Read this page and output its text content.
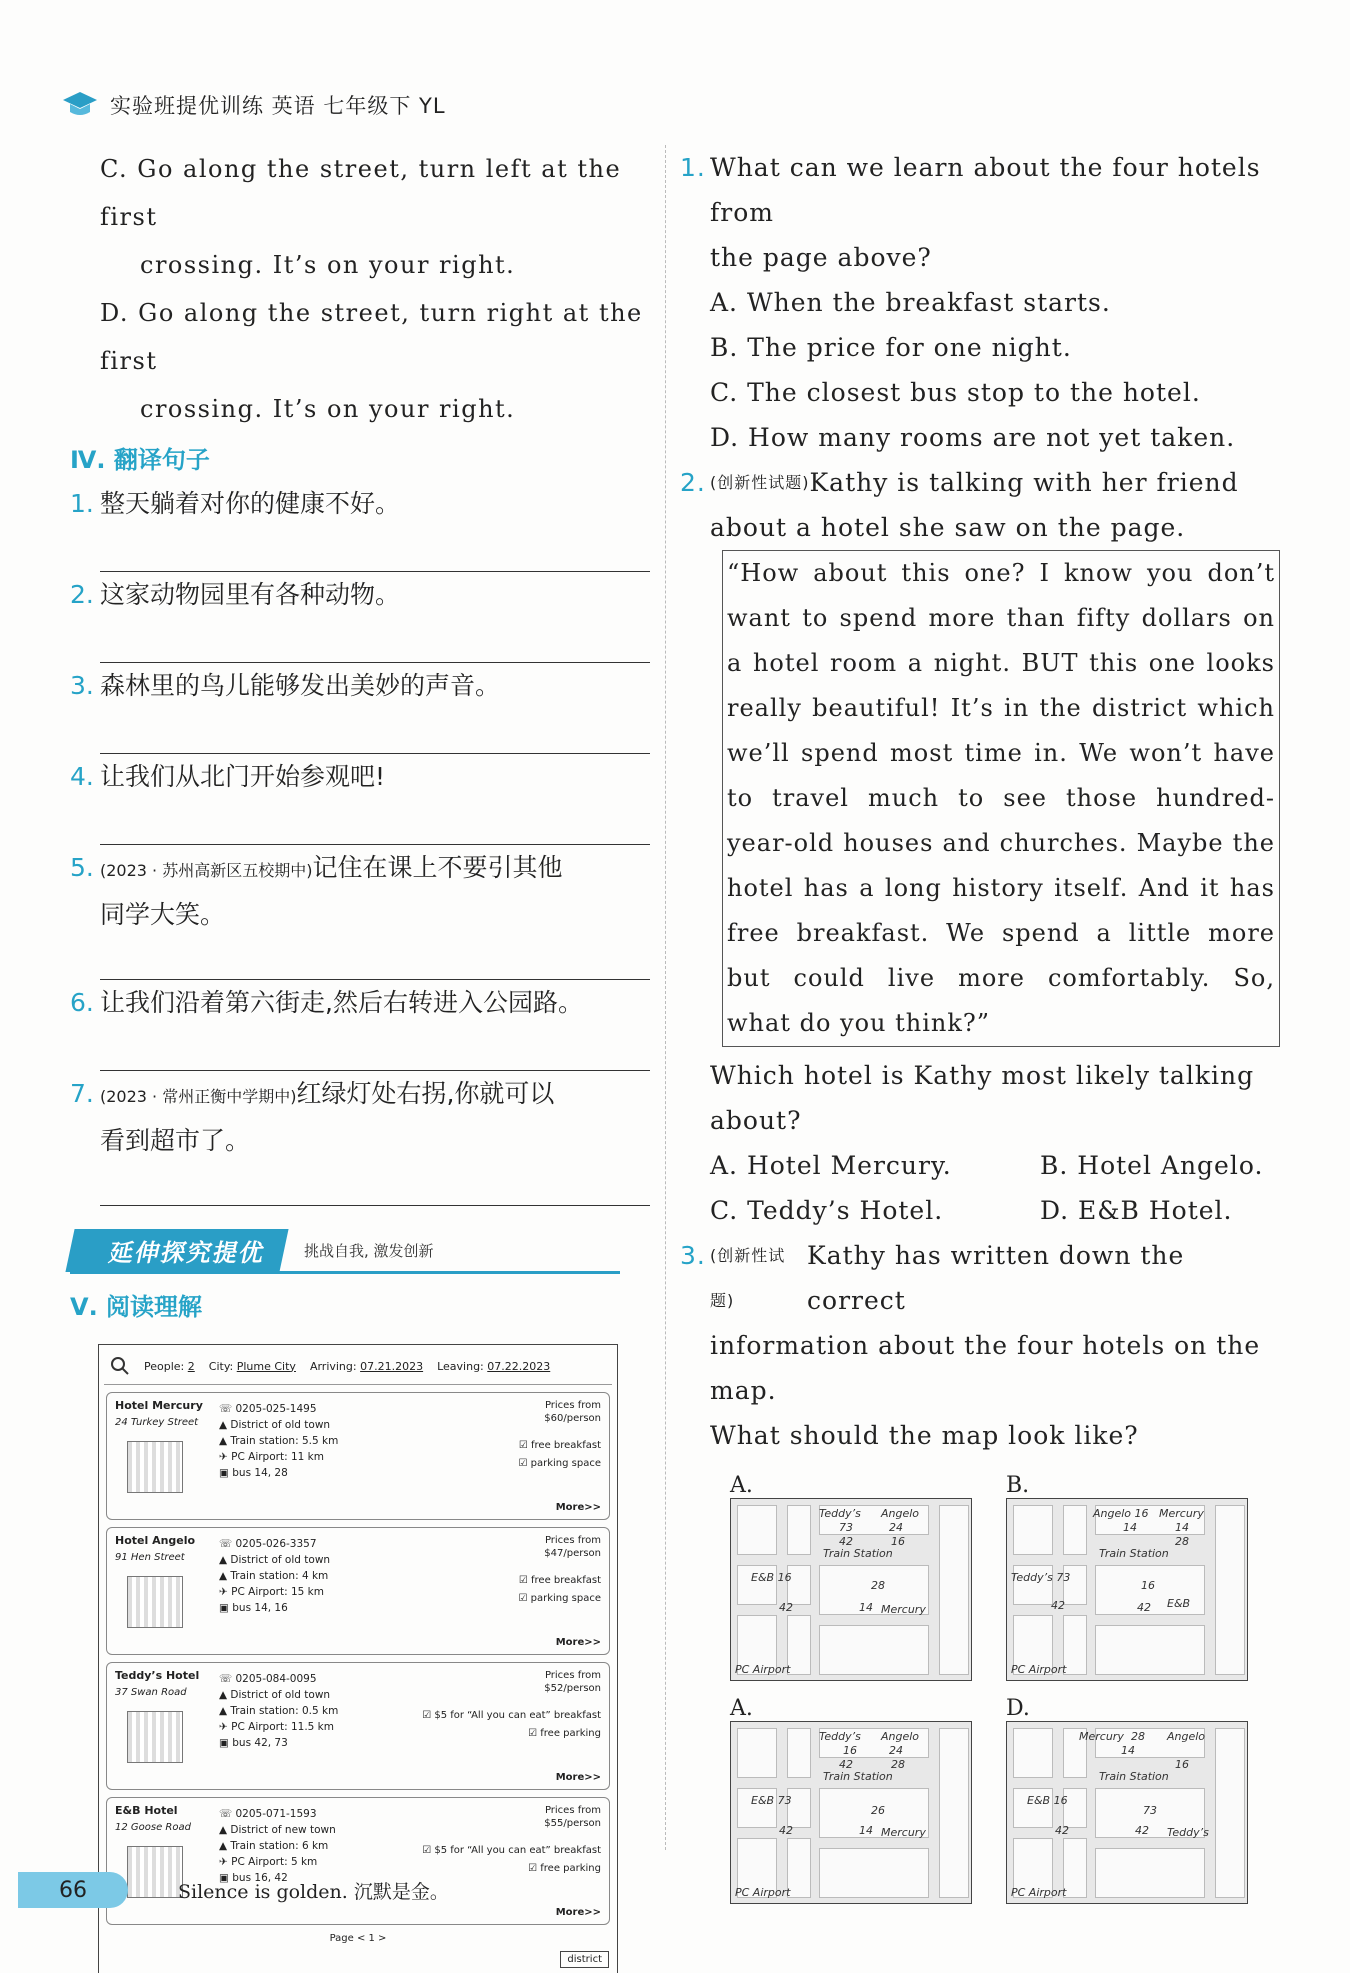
实验班提优训练 英语 七年级下 YL
C. Go along the street, turn left at the first
crossing. It’s on your right.
D. Go along the street, turn right at the first
crossing. It’s on your right.
Ⅳ. 翻译句子
1. 整天躺着对你的健康不好。
2. 这家动物园里有各种动物。
3. 森林里的鸟儿能够发出美妙的声音。
4. 让我们从北门开始参观吧!
5. (2023 · 苏州高新区五校期中)记住在课上不要引其他
同学大笑。
6. 让我们沿着第六街走,然后右转进入公园路。
7. (2023 · 常州正衡中学期中)红绿灯处右拐,你就可以
看到超市了。
延伸探究提优	挑战自我, 激发创新
Ⅴ. 阅读理解
People: 2 City: Plume City Arriving: 07.21.2023 Leaving: 07.22.2023
Hotel Mercury
24 Turkey Street
☏ 0205-025-1495
▲ District of old town
▲ Train station: 5.5 km
✈ PC Airport: 11 km
▣ bus 14, 28
Prices from
$60/person
☑ free breakfast
☑ parking space
More>>
Hotel Angelo
91 Hen Street
☏ 0205-026-3357
▲ District of old town
▲ Train station: 4 km
✈ PC Airport: 15 km
▣ bus 14, 16
Prices from
$47/person
☑ free breakfast
☑ parking space
More>>
Teddy’s Hotel
37 Swan Road
☏ 0205-084-0095
▲ District of old town
▲ Train station: 0.5 km
✈ PC Airport: 11.5 km
▣ bus 42, 73
Prices from
$52/person
☑ $5 for “All you can eat” breakfast
☑ free parking
More>>
E&B Hotel
12 Goose Road
☏ 0205-071-1593
▲ District of new town
▲ Train station: 6 km
✈ PC Airport: 5 km
▣ bus 16, 42
Prices from
$55/person
☑ $5 for “All you can eat” breakfast
☑ free parking
More>>
Page < 1 >
district
1. What can we learn about the four hotels from
the page above?
A. When the breakfast starts.
B. The price for one night.
C. The closest bus stop to the hotel.
D. How many rooms are not yet taken.
2. (创新性试题) Kathy is talking with her friend
about a hotel she saw on the page.
“How about this one? I know you don’t want to spend more than fifty dollars on a hotel room a night. BUT this one looks really beautiful! It’s in the district which we’ll spend most time in. We won’t have to travel much to see those hundred-year-old houses and churches. Maybe the hotel has a long history itself. And it has free breakfast. We spend a little more but could live more comfortably. So, what do you think?”
Which hotel is Kathy most likely talking
about?
A. Hotel Mercury.	B. Hotel Angelo.
C. Teddy’s Hotel.	D. E&B Hotel.
3. (创新性试题)
Kathy has written down the correct
information about the four hotels on the map.
What should the map look like?
A.
Teddy’s Angelo
73	24
42	16
Train Station
E&B 16
28
42	14 Mercury
PC Airport
B.
Angelo 16 Mercury
14	14
28
Train Station
Teddy’s 73
16
42	42 E&B
PC Airport
A.
Teddy’s Angelo
16	24
42	28
Train Station
E&B 73
26
42	14 Mercury
PC Airport
D.
Mercury 28 Angelo
14
16
Train Station
E&B 16
73
42	42 Teddy’s
PC Airport
66	Silence is golden. 沉默是金。
